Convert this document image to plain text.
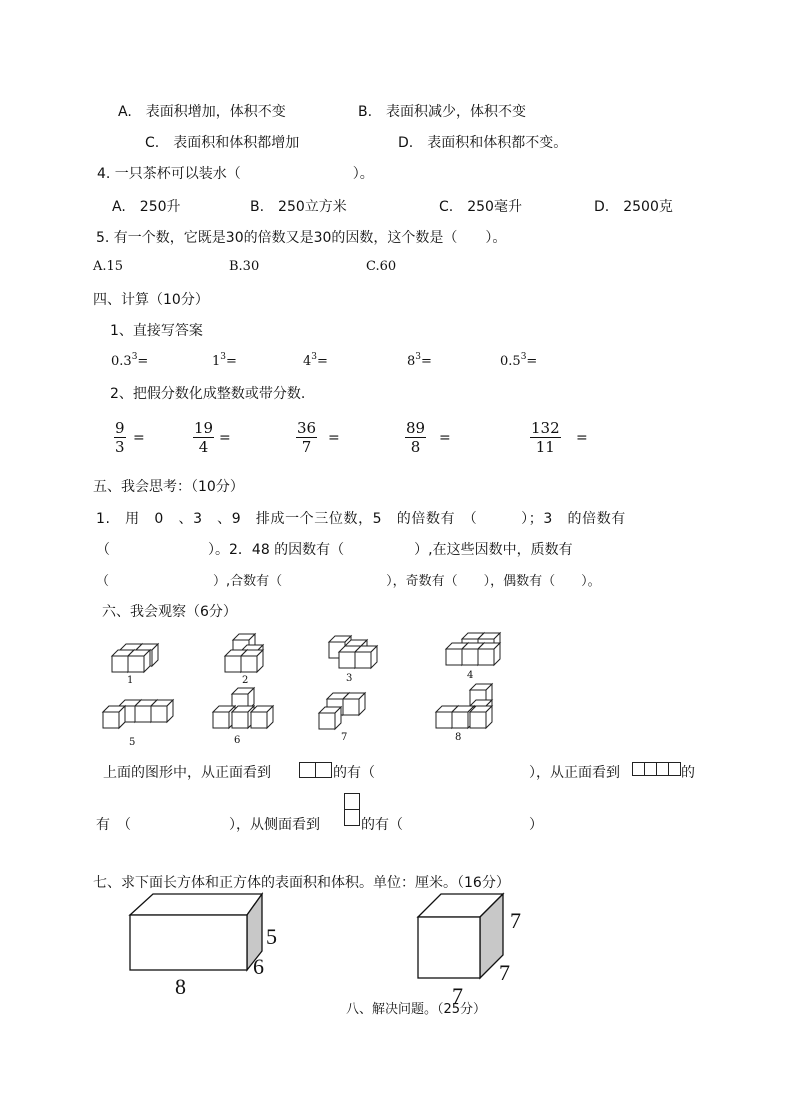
A.　表面积增加，体积不变	B.　表面积减少，体积不变
C.　表面积和体积都增加	D.　表面积和体积都不变。
4. 一只茶杯可以装水（　　　　　　　　）。
A.　250升	B.　250立方米	C.　250毫升	D.　2500克
5. 有一个数，它既是30的倍数又是30的因数，这个数是（　　）。
A.15	B.30	C.60
四、计算（10分）
1、直接写答案
$0.3^3=$	$1^3=$	$4^3=$	$8^3=$	$0.5^3=$
2、把假分数化成整数或带分数.
$\frac{9}{3}$ =	$\frac{19}{4}$ =	$\frac{36}{7}$ =	$\frac{89}{8}$ =	$\frac{132}{11}$ =
五、我会思考：（10分）
1.　用　0　、3　、9　排成一个三位数，5　的倍数有　（　　　）；3　的倍数有
（　　　　　　　）。2．48 的因数有（　　　　　）,在这些因数中，质数有
（　　　　　　　　）,合数有（　　　　　　　　），奇数有（　　），偶数有（　　）。
六、我会观察（6分）
1	2	3	4
5	6	7	8
上面的图形中，从正面看到	的有（　　　　　　　　　　　），从正面看到	的
有　（　　　　　　　），从侧面看到	的有（　　　　　　　　　）
七、求下面长方体和正方体的表面积和体积。单位：厘米。（16分）
5
6
8
7
7
7
八、解决问题。（25分）
